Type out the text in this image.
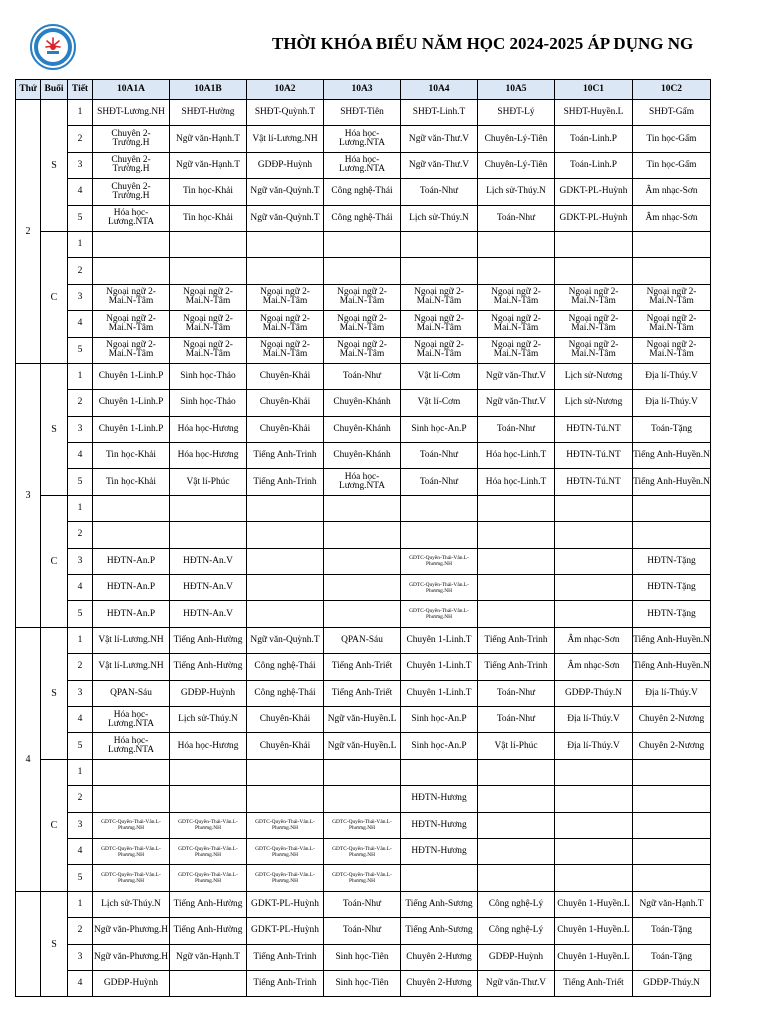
THỜI KHÓA BIỂU NĂM HỌC 2024-2025 ÁP DỤNG NG
Thứ	Buổi	Tiết	10A1A	10A1B	10A2	10A3	10A4	10A5	10C1	10C2
2	S	1	SHĐT-Lương.NH	SHĐT-Hường	SHĐT-Quỳnh.T	SHĐT-Tiên	SHĐT-Linh.T	SHĐT-Lý	SHĐT-Huyền.L	SHĐT-Gấm
		2	Chuyên 2-Trường.H	Ngữ văn-Hạnh.T	Vật lí-Lương.NH	Hóa học-Lương.NTA	Ngữ văn-Thư.V	Chuyên-Lý-Tiên	Toán-Linh.P	Tin học-Gấm
		3	Chuyên 2-Trường.H	Ngữ văn-Hạnh.T	GDĐP-Huỳnh	Hóa học-Lương.NTA	Ngữ văn-Thư.V	Chuyên-Lý-Tiên	Toán-Linh.P	Tin học-Gấm
		4	Chuyên 2-Trường.H	Tin học-Khải	Ngữ văn-Quỳnh.T	Công nghệ-Thái	Toán-Như	Lịch sử-Thúy.N	GDKT-PL-Huỳnh	Âm nhạc-Sơn
		5	Hóa học-Lương.NTA	Tin học-Khải	Ngữ văn-Quỳnh.T	Công nghệ-Thái	Lịch sử-Thúy.N	Toán-Như	GDKT-PL-Huỳnh	Âm nhạc-Sơn
	C	1								
		2								
		3	Ngoại ngữ 2-Mai.N-Tâm	Ngoại ngữ 2-Mai.N-Tâm	Ngoại ngữ 2-Mai.N-Tâm	Ngoại ngữ 2-Mai.N-Tâm	Ngoại ngữ 2-Mai.N-Tâm	Ngoại ngữ 2-Mai.N-Tâm	Ngoại ngữ 2-Mai.N-Tâm	Ngoại ngữ 2-Mai.N-Tâm
		4	Ngoại ngữ 2-Mai.N-Tâm	Ngoại ngữ 2-Mai.N-Tâm	Ngoại ngữ 2-Mai.N-Tâm	Ngoại ngữ 2-Mai.N-Tâm	Ngoại ngữ 2-Mai.N-Tâm	Ngoại ngữ 2-Mai.N-Tâm	Ngoại ngữ 2-Mai.N-Tâm	Ngoại ngữ 2-Mai.N-Tâm
		5	Ngoại ngữ 2-Mai.N-Tâm	Ngoại ngữ 2-Mai.N-Tâm	Ngoại ngữ 2-Mai.N-Tâm	Ngoại ngữ 2-Mai.N-Tâm	Ngoại ngữ 2-Mai.N-Tâm	Ngoại ngữ 2-Mai.N-Tâm	Ngoại ngữ 2-Mai.N-Tâm	Ngoại ngữ 2-Mai.N-Tâm
3	S	1	Chuyên 1-Linh.P	Sinh học-Thảo	Chuyên-Khải	Toán-Như	Vật lí-Cơm	Ngữ văn-Thư.V	Lịch sử-Nương	Địa lí-Thúy.V
		2	Chuyên 1-Linh.P	Sinh học-Thảo	Chuyên-Khải	Chuyên-Khánh	Vật lí-Cơm	Ngữ văn-Thư.V	Lịch sử-Nương	Địa lí-Thúy.V
		3	Chuyên 1-Linh.P	Hóa học-Hương	Chuyên-Khải	Chuyên-Khánh	Sinh học-An.P	Toán-Như	HĐTN-Tú.NT	Toán-Tặng
		4	Tin học-Khải	Hóa học-Hương	Tiếng Anh-Trinh	Chuyên-Khánh	Toán-Như	Hóa học-Linh.T	HĐTN-Tú.NT	Tiếng Anh-Huyền.N
		5	Tin học-Khải	Vật lí-Phúc	Tiếng Anh-Trinh	Hóa học-Lương.NTA	Toán-Như	Hóa học-Linh.T	HĐTN-Tú.NT	Tiếng Anh-Huyền.N
	C	1								
		2								
		3	HĐTN-An.P	HĐTN-An.V			GDTC-Quyền-Thái-Vân.L-Phương.NH			HĐTN-Tặng
		4	HĐTN-An.P	HĐTN-An.V			GDTC-Quyền-Thái-Vân.L-Phương.NH			HĐTN-Tặng
		5	HĐTN-An.P	HĐTN-An.V			GDTC-Quyền-Thái-Vân.L-Phương.NH			HĐTN-Tặng
4	S	1	Vật lí-Lương.NH	Tiếng Anh-Hường	Ngữ văn-Quỳnh.T	QPAN-Sáu	Chuyên 1-Linh.T	Tiếng Anh-Trinh	Âm nhạc-Sơn	Tiếng Anh-Huyền.N
		2	Vật lí-Lương.NH	Tiếng Anh-Hường	Công nghệ-Thái	Tiếng Anh-Triết	Chuyên 1-Linh.T	Tiếng Anh-Trinh	Âm nhạc-Sơn	Tiếng Anh-Huyền.N
		3	QPAN-Sáu	GDĐP-Huỳnh	Công nghệ-Thái	Tiếng Anh-Triết	Chuyên 1-Linh.T	Toán-Như	GDĐP-Thúy.N	Địa lí-Thúy.V
		4	Hóa học-Lương.NTA	Lịch sử-Thúy.N	Chuyên-Khải	Ngữ văn-Huyền.L	Sinh học-An.P	Toán-Như	Địa lí-Thúy.V	Chuyên 2-Nương
		5	Hóa học-Lương.NTA	Hóa học-Hương	Chuyên-Khải	Ngữ văn-Huyền.L	Sinh học-An.P	Vật lí-Phúc	Địa lí-Thúy.V	Chuyên 2-Nương
	C	1								
		2					HĐTN-Hương			
		3	GDTC-Quyền-Thái-Vân.L-Phương.NH	GDTC-Quyền-Thái-Vân.L-Phương.NH	GDTC-Quyền-Thái-Vân.L-Phương.NH	GDTC-Quyền-Thái-Vân.L-Phương.NH	HĐTN-Hương			
		4	GDTC-Quyền-Thái-Vân.L-Phương.NH	GDTC-Quyền-Thái-Vân.L-Phương.NH	GDTC-Quyền-Thái-Vân.L-Phương.NH	GDTC-Quyền-Thái-Vân.L-Phương.NH	HĐTN-Hương			
		5	GDTC-Quyền-Thái-Vân.L-Phương.NH	GDTC-Quyền-Thái-Vân.L-Phương.NH	GDTC-Quyền-Thái-Vân.L-Phương.NH	GDTC-Quyền-Thái-Vân.L-Phương.NH				
	S	1	Lịch sử-Thúy.N	Tiếng Anh-Hường	GDKT-PL-Huỳnh	Toán-Như	Tiếng Anh-Sương	Công nghệ-Lý	Chuyên 1-Huyền.L	Ngữ văn-Hạnh.T
		2	Ngữ văn-Phương.H	Tiếng Anh-Hường	GDKT-PL-Huỳnh	Toán-Như	Tiếng Anh-Sương	Công nghệ-Lý	Chuyên 1-Huyền.L	Toán-Tặng
		3	Ngữ văn-Phương.H	Ngữ văn-Hạnh.T	Tiếng Anh-Trinh	Sinh học-Tiên	Chuyên 2-Hương	GDĐP-Huỳnh	Chuyên 1-Huyền.L	Toán-Tặng
		4	GDĐP-Huỳnh		Tiếng Anh-Trinh	Sinh học-Tiên	Chuyên 2-Hương	Ngữ văn-Thư.V	Tiếng Anh-Triết	GDĐP-Thúy.N
